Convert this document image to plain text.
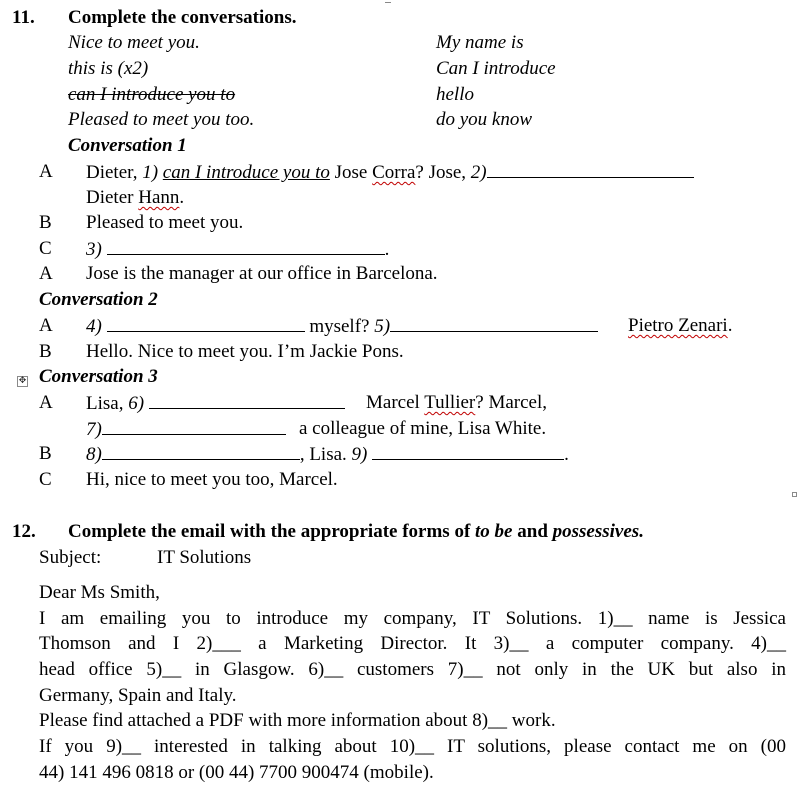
11. Complete the conversations.
Nice to meet you.
this is (x2)
can I introduce you to
Pleased to meet you too.
My name is
Can I introduce
hello
do you know
Conversation 1
A Dieter, 1) can I introduce you to Jose Corra? Jose, 2)
Dieter Hann.
B Pleased to meet you.
C 3)	.
A Jose is the manager at our office in Barcelona.
Conversation 2
A 4)	myself? 5)	Pietro Zenari.
B Hello. Nice to meet you. I’m Jackie Pons.
✥ Conversation 3
A Lisa, 6)	Marcel Tullier? Marcel,
7)	a colleague of mine, Lisa White.
B 8)	, Lisa. 9)	.
C Hi, nice to meet you too, Marcel.
12. Complete the email with the appropriate forms of to be and possessives.
Subject:	IT Solutions
Dear Ms Smith,
I am emailing you to introduce my company, IT Solutions. 1)__ name is Jessica
Thomson and I 2)___ a Marketing Director. It 3)__ a computer company. 4)__
head office 5)__ in Glasgow. 6)__ customers 7)__ not only in the UK but also in
Germany, Spain and Italy.
Please find attached a PDF with more information about 8)__ work.
If you 9)__ interested in talking about 10)__ IT solutions, please contact me on (00
44) 141 496 0818 or (00 44) 7700 900474 (mobile).
